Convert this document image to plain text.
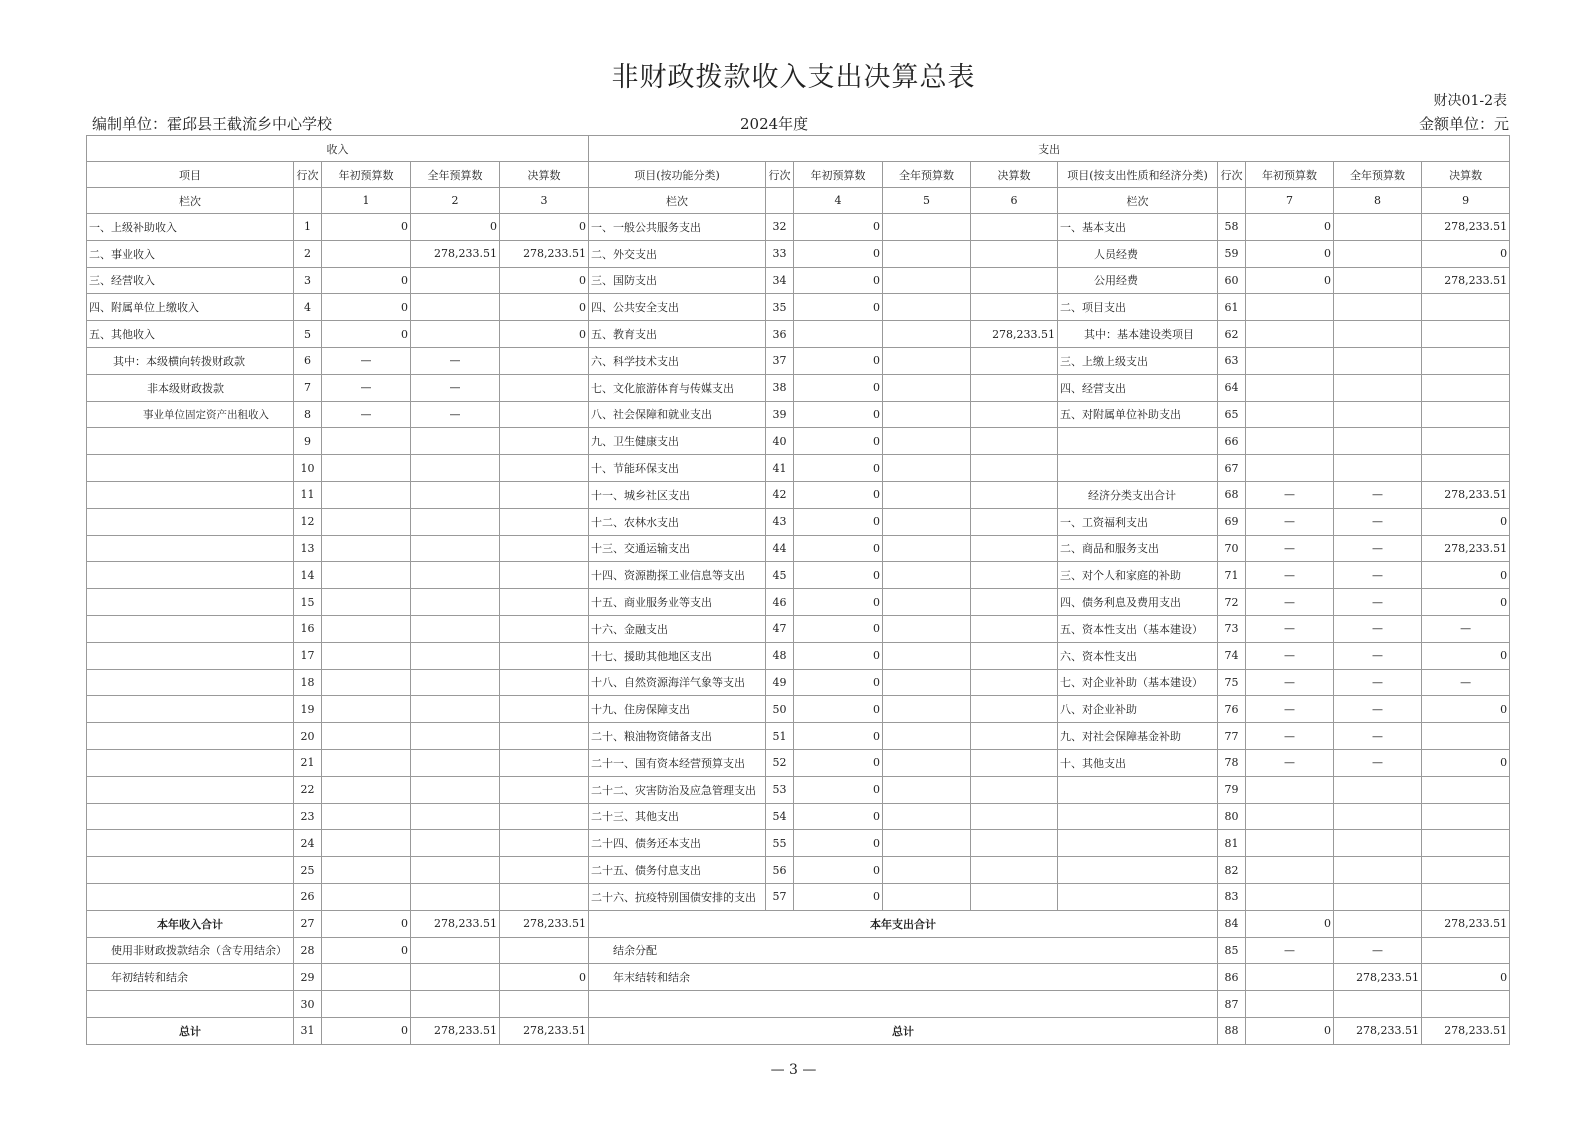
非财政拨款收入支出决算总表
财决01-2表
编制单位：霍邱县王截流乡中心学校	2024年度	金额单位：元
收入					支出									
项目	行次	年初预算数	全年预算数	决算数	项目(按功能分类)	行次	年初预算数	全年预算数	决算数	项目(按支出性质和经济分类)	行次	年初预算数	全年预算数	决算数
栏次		1	2	3	栏次		4	5	6	栏次		7	8	9
一、上级补助收入	1	0	0	0	一、一般公共服务支出	32	0			一、基本支出	58	0		278,233.51
二、事业收入	2		278,233.51	278,233.51	二、外交支出	33	0			人员经费	59	0		0
三、经营收入	3	0		0	三、国防支出	34	0			公用经费	60	0		278,233.51
四、附属单位上缴收入	4	0		0	四、公共安全支出	35	0			二、项目支出	61			
五、其他收入	5	0		0	五、教育支出	36			278,233.51	其中：基本建设类项目	62			
其中：本级横向转拨财政款	6	—	—		六、科学技术支出	37	0			三、上缴上级支出	63			
非本级财政拨款	7	—	—		七、文化旅游体育与传媒支出	38	0			四、经营支出	64			
事业单位固定资产出租收入	8	—	—		八、社会保障和就业支出	39	0			五、对附属单位补助支出	65			
	9				九、卫生健康支出	40	0				66			
	10				十、节能环保支出	41	0				67			
	11				十一、城乡社区支出	42	0			经济分类支出合计	68	—	—	278,233.51
	12				十二、农林水支出	43	0			一、工资福利支出	69	—	—	0
	13				十三、交通运输支出	44	0			二、商品和服务支出	70	—	—	278,233.51
	14				十四、资源勘探工业信息等支出	45	0			三、对个人和家庭的补助	71	—	—	0
	15				十五、商业服务业等支出	46	0			四、债务利息及费用支出	72	—	—	0
	16				十六、金融支出	47	0			五、资本性支出（基本建设）	73	—	—	—
	17				十七、援助其他地区支出	48	0			六、资本性支出	74	—	—	0
	18				十八、自然资源海洋气象等支出	49	0			七、对企业补助（基本建设）	75	—	—	—
	19				十九、住房保障支出	50	0			八、对企业补助	76	—	—	0
	20				二十、粮油物资储备支出	51	0			九、对社会保障基金补助	77	—	—	
	21				二十一、国有资本经营预算支出	52	0			十、其他支出	78	—	—	0
	22				二十二、灾害防治及应急管理支出	53	0				79			
	23				二十三、其他支出	54	0				80			
	24				二十四、债务还本支出	55	0				81			
	25				二十五、债务付息支出	56	0				82			
	26				二十六、抗疫特别国债安排的支出	57	0				83			
本年收入合计	27	0	278,233.51	278,233.51	本年支出合计						84	0		278,233.51
使用非财政拨款结余（含专用结余）	28	0			结余分配						85	—	—	
年初结转和结余	29			0	年末结转和结余						86		278,233.51	0
	30										87			
总计	31	0	278,233.51	278,233.51	总计						88	0	278,233.51	278,233.51
— 3 —
